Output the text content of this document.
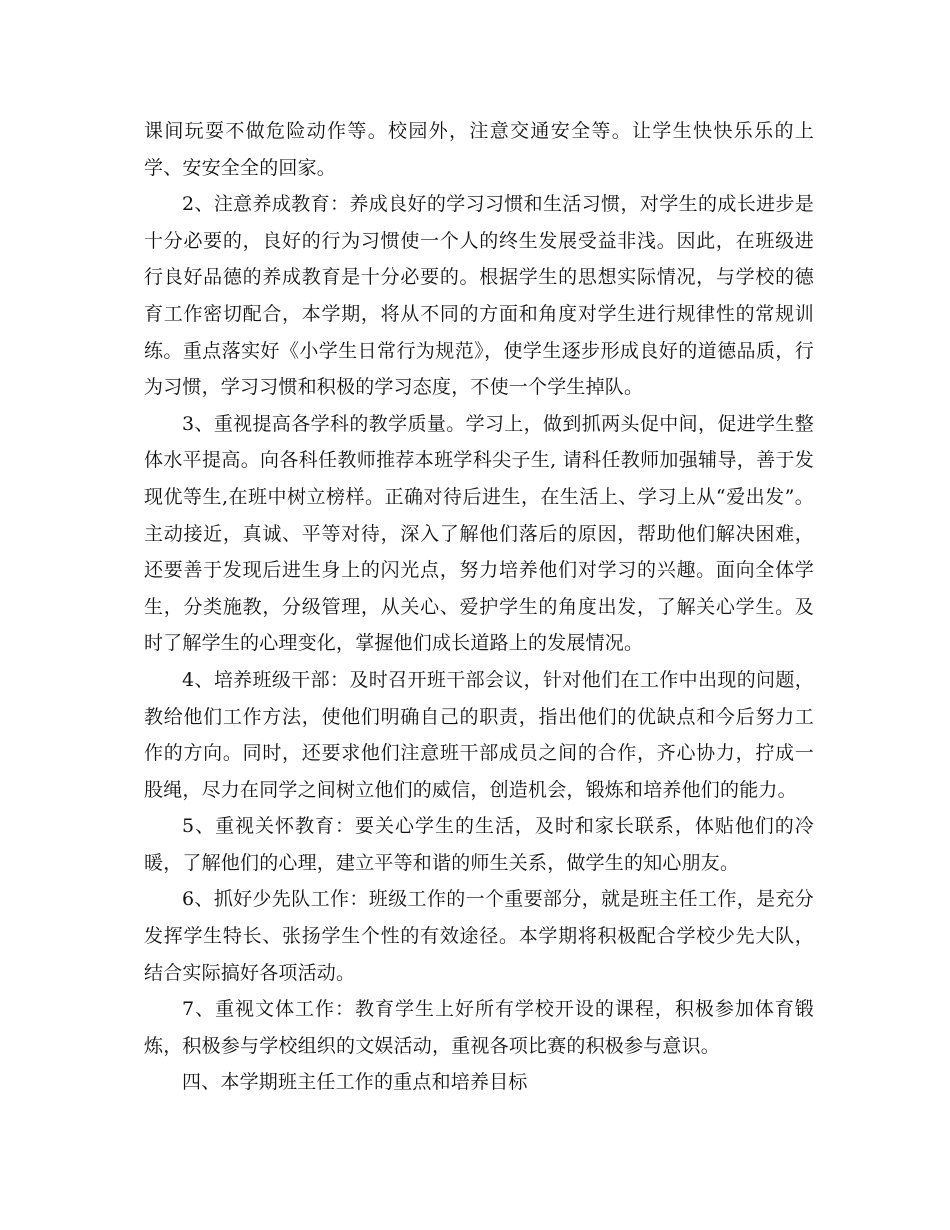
课间玩耍不做危险动作等。校园外，注意交通安全等。让学生快快乐乐的上学、安安全全的回家。

2、注意养成教育：养成良好的学习习惯和生活习惯，对学生的成长进步是十分必要的，良好的行为习惯使一个人的终生发展受益非浅。因此，在班级进行良好品德的养成教育是十分必要的。根据学生的思想实际情况，与学校的德育工作密切配合，本学期，将从不同的方面和角度对学生进行规律性的常规训练。重点落实好《小学生日常行为规范》，使学生逐步形成良好的道德品质，行为习惯，学习习惯和积极的学习态度，不使一个学生掉队。

3、重视提高各学科的教学质量。学习上，做到抓两头促中间，促进学生整体水平提高。向各科任教师推荐本班学科尖子生, 请科任教师加强辅导，善于发现优等生,在班中树立榜样。正确对待后进生，在生活上、学习上从“爱出发”。主动接近，真诚、平等对待，深入了解他们落后的原因，帮助他们解决困难，还要善于发现后进生身上的闪光点，努力培养他们对学习的兴趣。面向全体学生，分类施教，分级管理，从关心、爱护学生的角度出发，了解关心学生。及时了解学生的心理变化，掌握他们成长道路上的发展情况。

4、培养班级干部：及时召开班干部会议，针对他们在工作中出现的问题，教给他们工作方法，使他们明确自己的职责，指出他们的优缺点和今后努力工作的方向。同时，还要求他们注意班干部成员之间的合作，齐心协力，拧成一股绳，尽力在同学之间树立他们的威信，创造机会，锻炼和培养他们的能力。

5、重视关怀教育：要关心学生的生活，及时和家长联系，体贴他们的冷暖，了解他们的心理，建立平等和谐的师生关系，做学生的知心朋友。

6、抓好少先队工作：班级工作的一个重要部分，就是班主任工作，是充分发挥学生特长、张扬学生个性的有效途径。本学期将积极配合学校少先大队，结合实际搞好各项活动。

7、重视文体工作：教育学生上好所有学校开设的课程，积极参加体育锻炼，积极参与学校组织的文娱活动，重视各项比赛的积极参与意识。

四、本学期班主任工作的重点和培养目标
